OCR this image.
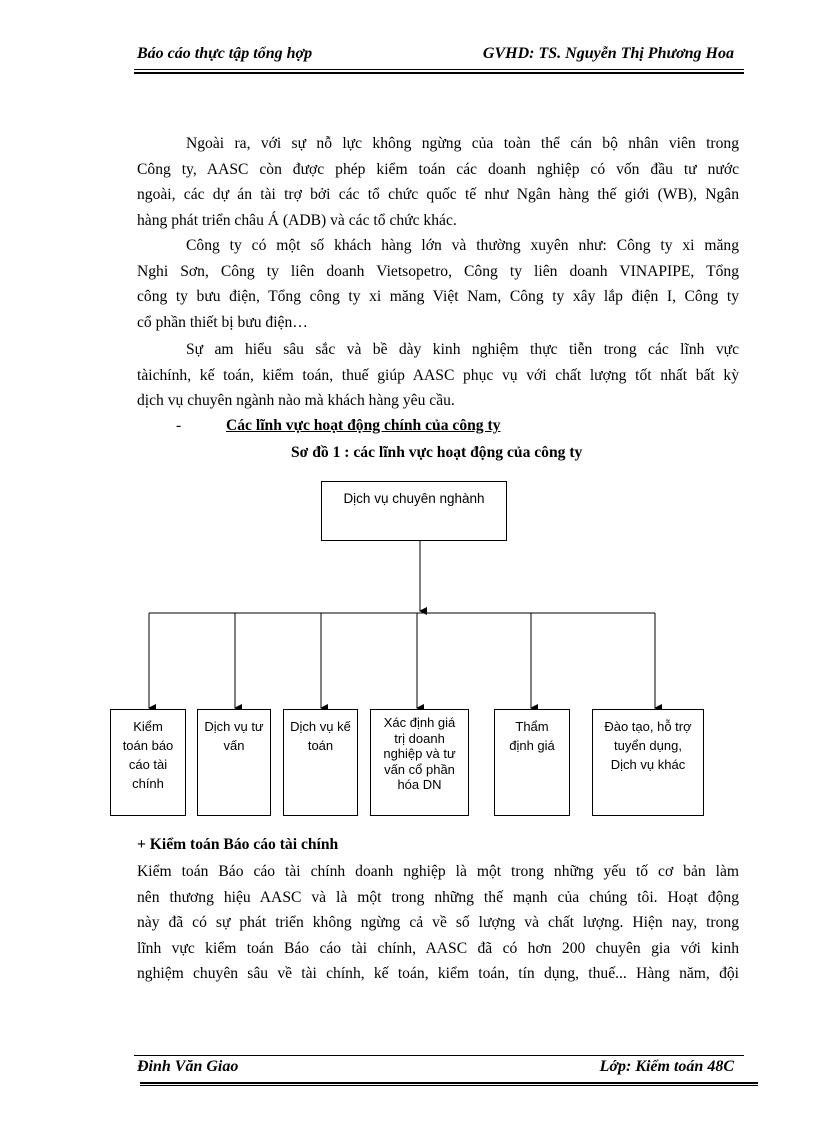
Báo cáo thực tập tổng hợp	GVHD: TS. Nguyễn Thị Phương Hoa
Ngoài ra, với sự nỗ lực không ngừng của toàn thể cán bộ nhân viên trong
Công ty, AASC còn được phép kiểm toán các doanh nghiệp có vốn đầu tư nước
ngoài, các dự án tài trợ bởi các tổ chức quốc tế như Ngân hàng thế giới (WB), Ngân
hàng phát triển châu Á (ADB) và các tổ chức khác.
Công ty có một số khách hàng lớn và thường xuyên như: Công ty xi măng
Nghi Sơn, Công ty liên doanh Vietsopetro, Công ty liên doanh VINAPIPE, Tổng
công ty bưu điện, Tổng công ty xi măng Việt Nam, Công ty xây lắp điện I, Công ty
cổ phần thiết bị bưu điện…
Sự am hiểu sâu sắc và bề dày kinh nghiệm thực tiễn trong các lĩnh vực
tàichính, kế toán, kiểm toán, thuế giúp AASC phục vụ với chất lượng tốt nhất bất kỳ
dịch vụ chuyên ngành nào mà khách hàng yêu cầu.
-	Các lĩnh vực hoạt động chính của công ty
Sơ đồ 1 : các lĩnh vực hoạt động của công ty
Dịch vụ chuyên nghành
Kiểm toán báo cáo tài chính
Dịch vụ tư vấn
Dịch vụ kế toán
Xác định giá trị doanh nghiệp và tư vấn cổ phần hóa DN
Thẩm định giá
Đào tạo, hỗ trợ tuyển dụng, Dịch vụ khác
+ Kiểm toán Báo cáo tài chính
Kiểm toán Báo cáo tài chính doanh nghiệp là một trong những yếu tố cơ bản làm
nên thương hiệu AASC và là một trong những thế mạnh của chúng tôi. Hoạt động
này đã có sự phát triển không ngừng cả về số lượng và chất lượng. Hiện nay, trong
lĩnh vực kiểm toán Báo cáo tài chính, AASC đã có hơn 200 chuyên gia với kinh
nghiệm chuyên sâu về tài chính, kế toán, kiểm toán, tín dụng, thuế... Hàng năm, đội
Đinh Văn Giao	Lớp: Kiểm toán 48C
